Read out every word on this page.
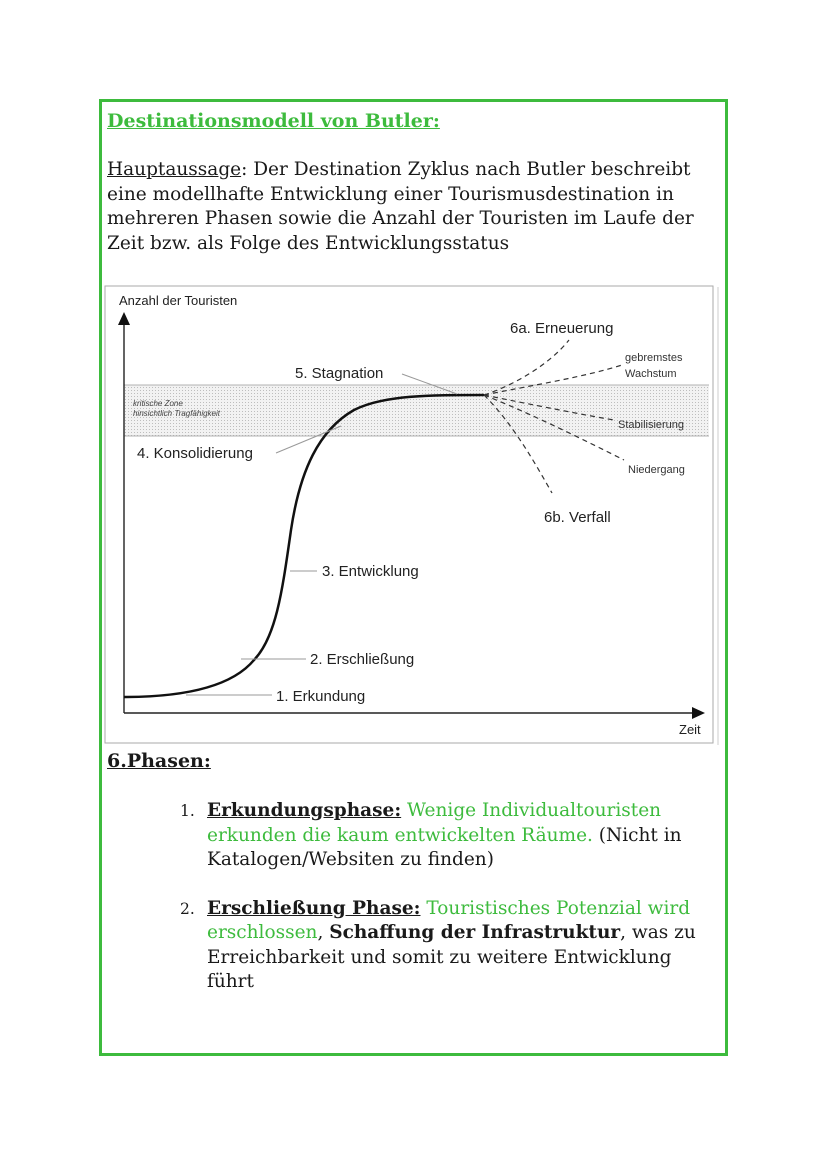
Destinationsmodell von Butler:
Hauptaussage: Der Destination Zyklus nach Butler beschreibt eine modellhafte Entwicklung einer Tourismusdestination in mehreren Phasen sowie die Anzahl der Touristen im Laufe der Zeit bzw. als Folge des Entwicklungsstatus
kritische Zone
hinsichtlich Tragfähigkeit
Anzahl der Touristen
Zeit
1. Erkundung
2. Erschließung
3. Entwicklung
4. Konsolidierung
5. Stagnation
6a. Erneuerung
gebremstes
Wachstum
Stabilisierung
Niedergang
6b. Verfall
6.Phasen:
1. Erkundungsphase: Wenige Individualtouristen erkunden die kaum entwickelten Räume. (Nicht in Katalogen/Websiten zu finden)
2. Erschließung Phase: Touristisches Potenzial wird erschlossen, Schaffung der Infrastruktur, was zu Erreichbarkeit und somit zu weitere Entwicklung führt
